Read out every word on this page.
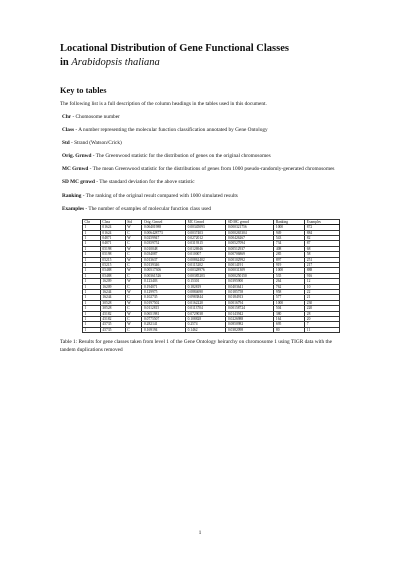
Locational Distribution of Gene Functional Classes
in Arabidopsis thaliana
Key to tables

The following list is a full description of the column headings in the tables used in this document.

Chr - Chomosome number
Class - A number representing the molecular function classification annotated by Gene Ontology
Std - Strand (Watson/Crick)
Orig. Grnwd - The Greenwood statistic for the distribution of genes on the original chromosomes
MC Grnwd - The mean Greenwood statistic for the distributions of genes from 1000 pseudo-randomly-generated chromosomes
SD MC grnwd - The standard deviation for the above statistic
Ranking - The ranking of the original result compared with 1000 simulated results
Examples - The number of examples of molecular function class used
Chr	Class	Std	Orig. Grnwd	MC Grnwd	SD MC grnwd	Ranking	Examples
1	01624	W	0.06401988	0.00345093	0.000321756	1000	872
1	01624	C	0.006428773	0.0037403	0.000265304	949	884
1	04871	W	0.0259947	0.0272012	0.00426267	543	82
1	04871	C	0.0359752	0.0319315	0.00527094	734	87
1	05198	W	0.010048	0.0126946	0.00512937	408	68
1	05198	C	0.034087	0.010007	0.00706869	285	58
1	05215	W	0.013637	0.00862402	0.00102992	897	251
1	05215	C	0.0139346	0.0115202	0.0014191	919	217
1	05488	W	0.00517306	0.00328976	0.00031309	1000	888
1	05488	C	0.00361526	0.00385203	0.000250150	535	916
1	16209	W	0.123403	0.15301	0.0395900	264	12
1	16209	C	0.194071	0.182819	0.0403641	762	10
1	16244	W	0.129975	0.0884690	0.0185758	958	22
1	16244	C	0.102735	0.0983844	0.0184913	577	21
1	30528	W	0.0197502	0.0162220	0.0016794	1000	230
1	30528	C	0.0112815	0.0113704	0.00158724	504	220
1	45182	W	0.0651981	0.0729038	0.0143942	380	28
1	45182	C	0.0775507	0.108828	0.0226988	164	20
1	45735	W	0.282141	0.2574	0.0850982	695	7
1	45735	C	0.169194	0.1462	0.0382098	80	11

Table 1: Results for gene classes taken from level 1 of the Gene Ontology heirarchy on chromosome 1 using TIGR data with the tandem duplications removed

1
